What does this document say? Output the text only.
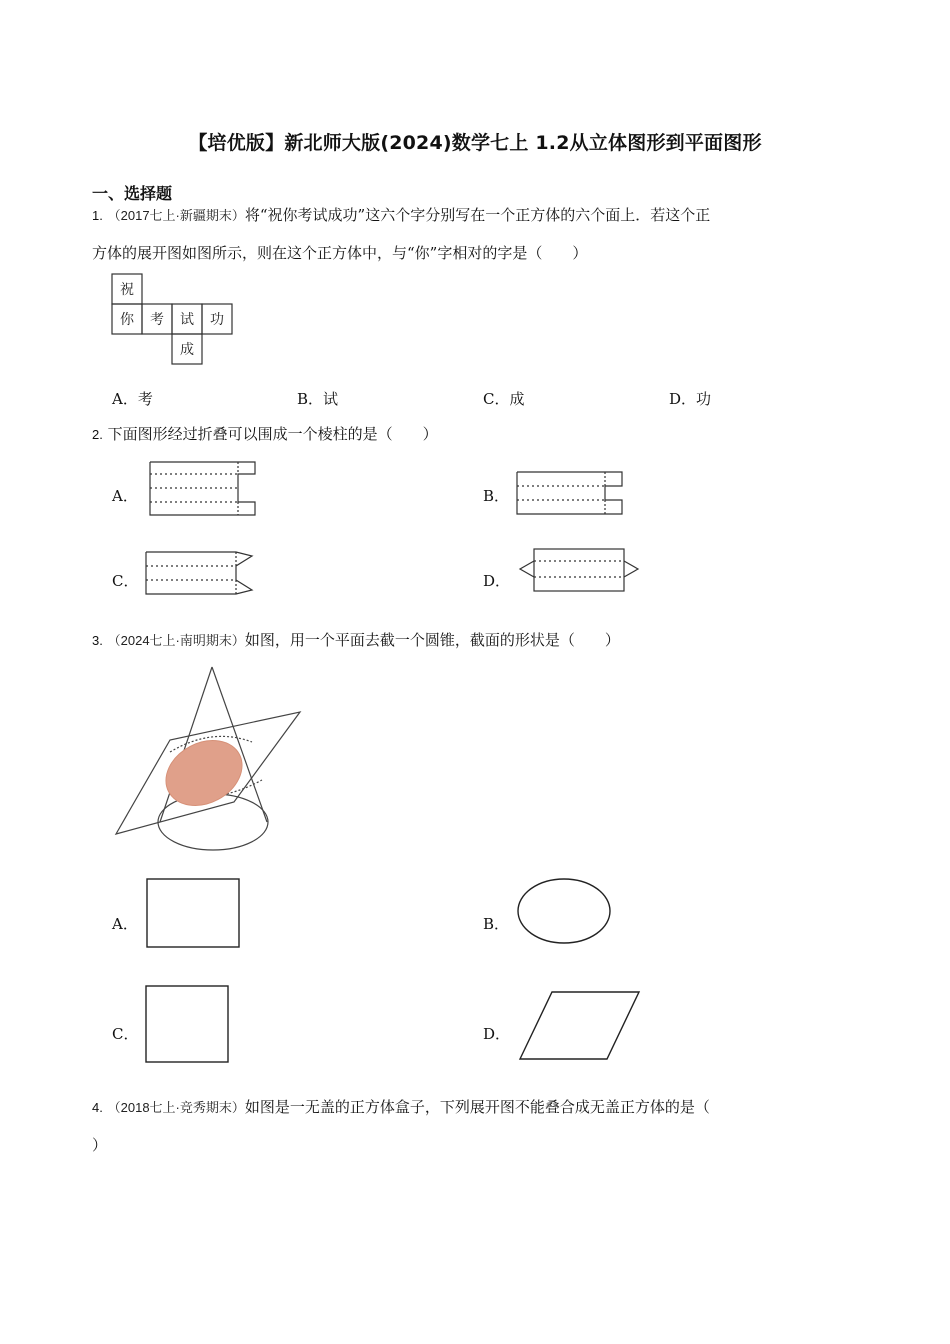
【培优版】新北师大版(2024)数学七上 1.2从立体图形到平面图形
一、选择题
1. （2017七上·新疆期末）将“祝你考试成功”这六个字分别写在一个正方体的六个面上．若这个正
方体的展开图如图所示，则在这个正方体中，与“你”字相对的字是（　　）
祝
你 考 试 功
成
A．考	B．试	C．成	D．功
2. 下面图形经过折叠可以围成一个棱柱的是（　　）
A．	B．
C．	D．
3. （2024七上·南明期末）如图，用一个平面去截一个圆锥，截面的形状是（　　）
A．	B．
C．	D．
4. （2018七上·竞秀期末）如图是一无盖的正方体盒子，下列展开图不能叠合成无盖正方体的是（
）
